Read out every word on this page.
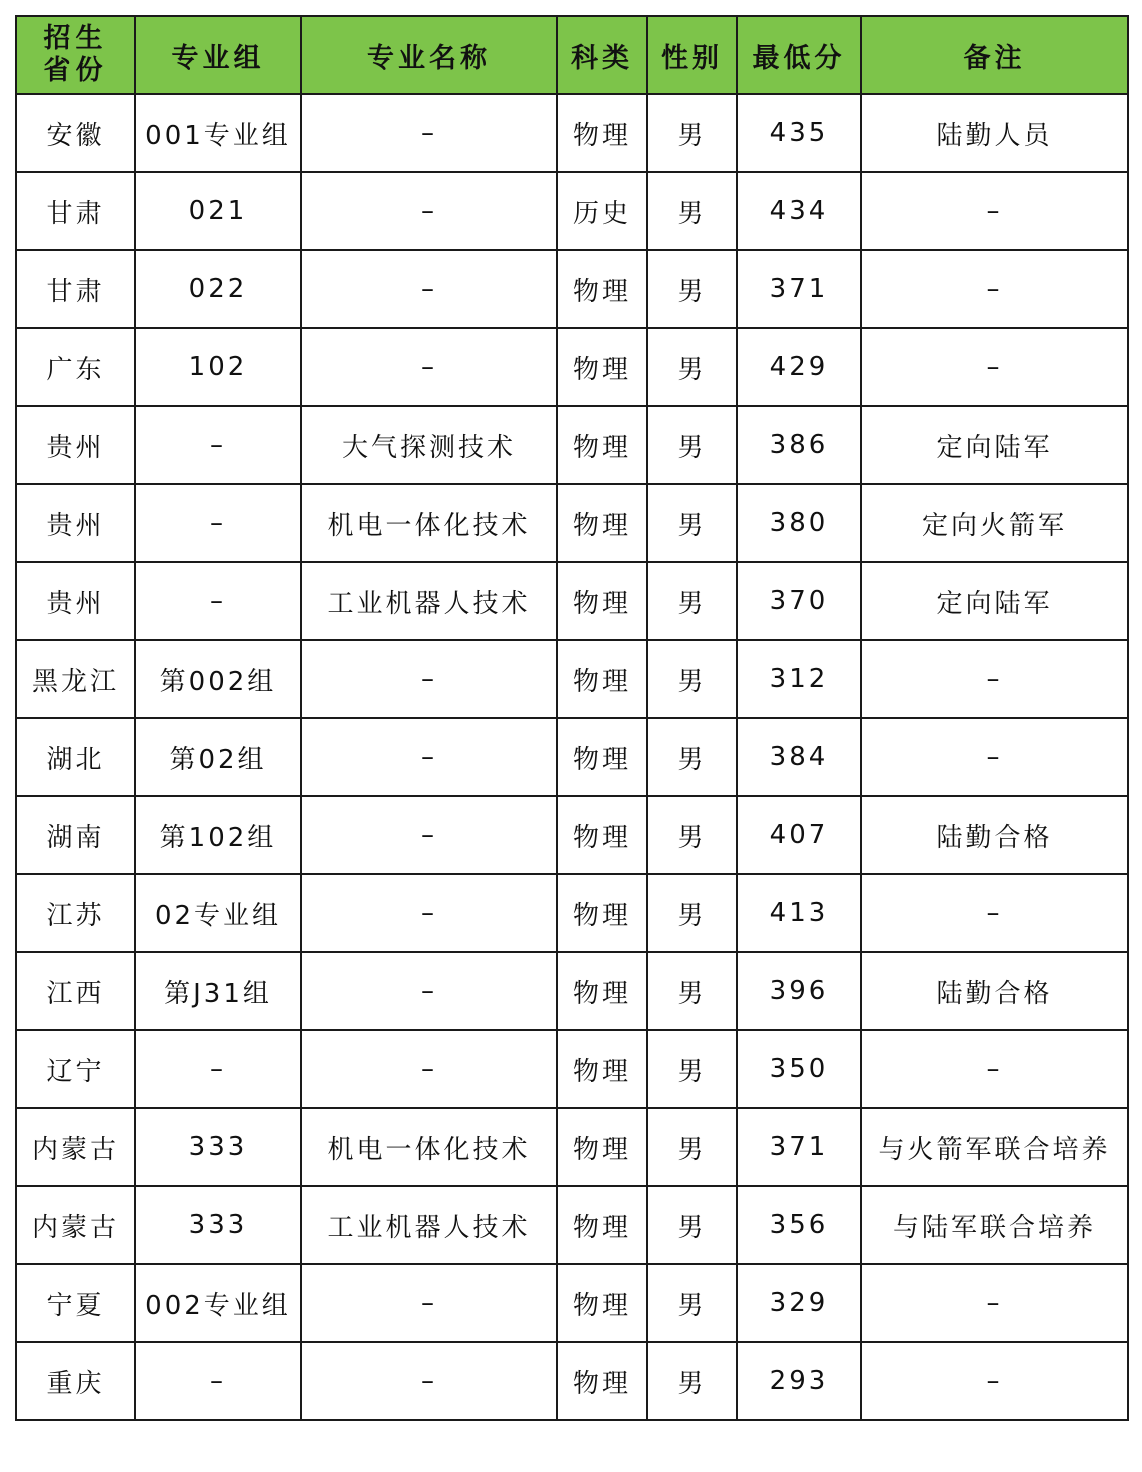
招生
省份	专业组	专业名称	科类	性别	最低分	备注
安徽	001专业组	–	物理	男	435	陆勤人员
甘肃	021	–	历史	男	434	–
甘肃	022	–	物理	男	371	–
广东	102	–	物理	男	429	–
贵州	–	大气探测技术	物理	男	386	定向陆军
贵州	–	机电一体化技术	物理	男	380	定向火箭军
贵州	–	工业机器人技术	物理	男	370	定向陆军
黑龙江	第002组	–	物理	男	312	–
湖北	第02组	–	物理	男	384	–
湖南	第102组	–	物理	男	407	陆勤合格
江苏	02专业组	–	物理	男	413	–
江西	第J31组	–	物理	男	396	陆勤合格
辽宁	–	–	物理	男	350	–
内蒙古	333	机电一体化技术	物理	男	371	与火箭军联合培养
内蒙古	333	工业机器人技术	物理	男	356	与陆军联合培养
宁夏	002专业组	–	物理	男	329	–
重庆	–	–	物理	男	293	–
